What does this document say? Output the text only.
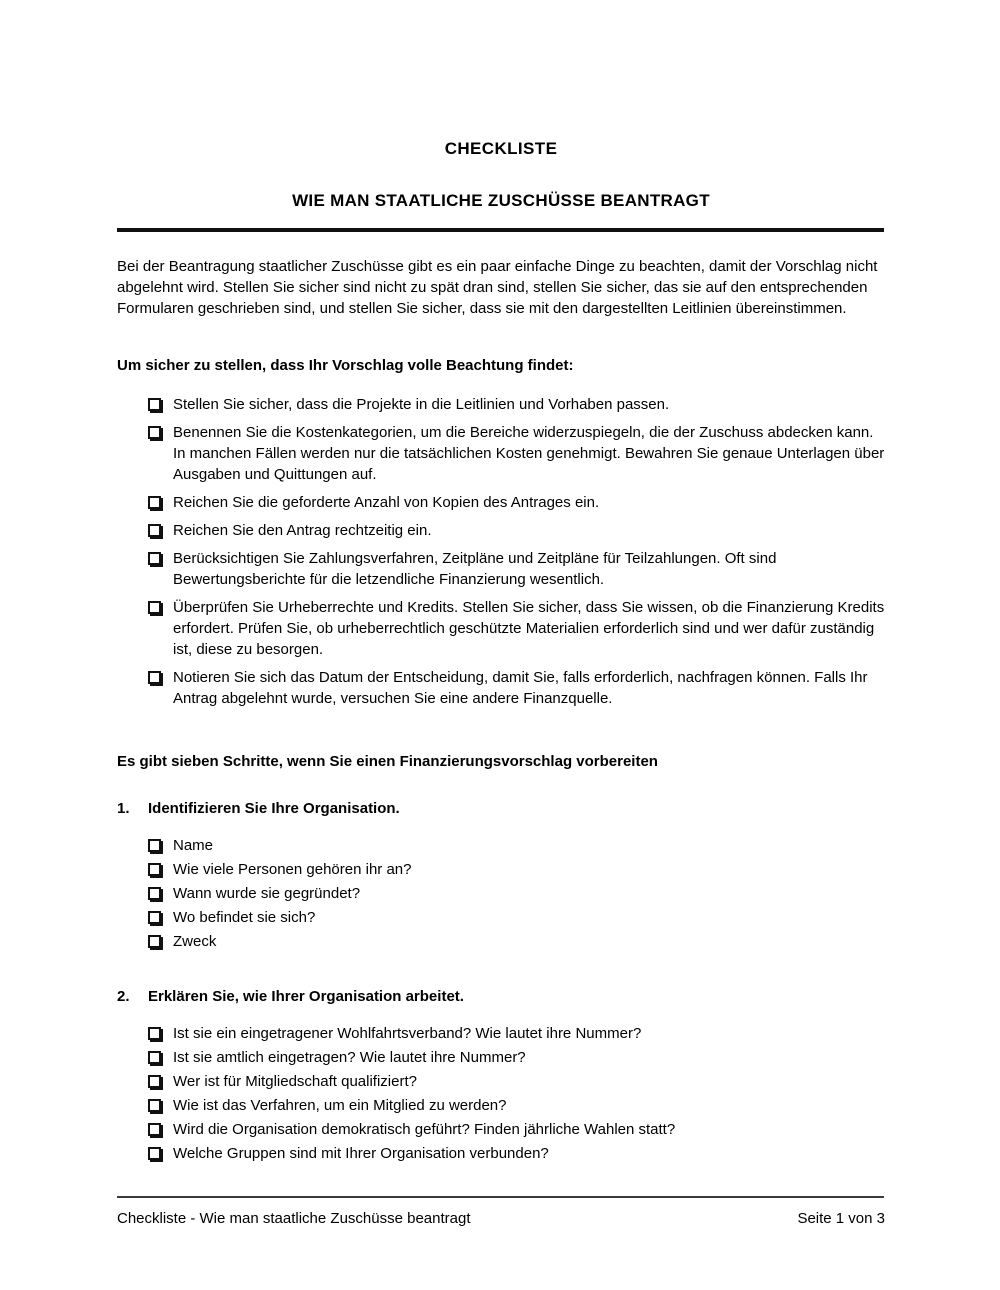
CHECKLISTE
WIE MAN STAATLICHE ZUSCHÜSSE BEANTRAGT

Bei der Beantragung staatlicher Zuschüsse gibt es ein paar einfache Dinge zu beachten, damit der Vorschlag nicht abgelehnt wird. Stellen Sie sicher sind nicht zu spät dran sind, stellen Sie sicher, das sie auf den entsprechenden Formularen geschrieben sind, und stellen Sie sicher, dass sie mit den dargestellten Leitlinien übereinstimmen.

Um sicher zu stellen, dass Ihr Vorschlag volle Beachtung findet:
Stellen Sie sicher, dass die Projekte in die Leitlinien und Vorhaben passen.
Benennen Sie die Kostenkategorien, um die Bereiche widerzuspiegeln, die der Zuschuss abdecken kann. In manchen Fällen werden nur die tatsächlichen Kosten genehmigt. Bewahren Sie genaue Unterlagen über Ausgaben und Quittungen auf.
Reichen Sie die geforderte Anzahl von Kopien des Antrages ein.
Reichen Sie den Antrag rechtzeitig ein.
Berücksichtigen Sie Zahlungsverfahren, Zeitpläne und Zeitpläne für Teilzahlungen. Oft sind Bewertungsberichte für die letzendliche Finanzierung wesentlich.
Überprüfen Sie Urheberrechte und Kredits. Stellen Sie sicher, dass Sie wissen, ob die Finanzierung Kredits erfordert. Prüfen Sie, ob urheberrechtlich geschützte Materialien erforderlich sind und wer dafür zuständig ist, diese zu besorgen.
Notieren Sie sich das Datum der Entscheidung, damit Sie, falls erforderlich, nachfragen können. Falls Ihr Antrag abgelehnt wurde, versuchen Sie eine andere Finanzquelle.
Es gibt sieben Schritte, wenn Sie einen Finanzierungsvorschlag vorbereiten
1. Identifizieren Sie Ihre Organisation.
Name
Wie viele Personen gehören ihr an?
Wann wurde sie gegründet?
Wo befindet sie sich?
Zweck
2. Erklären Sie, wie Ihrer Organisation arbeitet.
Ist sie ein eingetragener Wohlfahrtsverband? Wie lautet ihre Nummer?
Ist sie amtlich eingetragen? Wie lautet ihre Nummer?
Wer ist für Mitgliedschaft qualifiziert?
Wie ist das Verfahren, um ein Mitglied zu werden?
Wird die Organisation demokratisch geführt? Finden jährliche Wahlen statt?
Welche Gruppen sind mit Ihrer Organisation verbunden?
Checkliste - Wie man staatliche Zuschüsse beantragt	Seite 1 von 3
